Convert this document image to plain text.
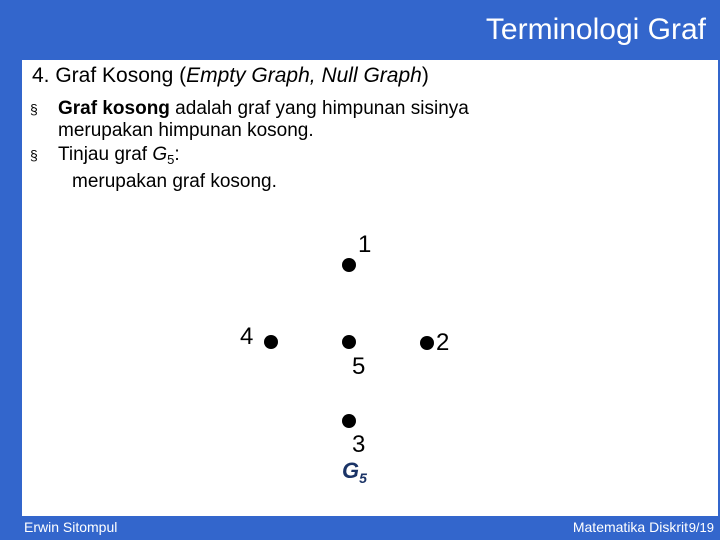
Terminologi Graf
4. Graf Kosong (Empty Graph, Null Graph)
§ Graf kosong adalah graf yang himpunan sisinya
merupakan himpunan kosong.
§ Tinjau graf $G_5$:
merupakan graf kosong.
1
2
3
4
5
$G_5$
Erwin Sitompul	Matematika Diskrit 9/19
